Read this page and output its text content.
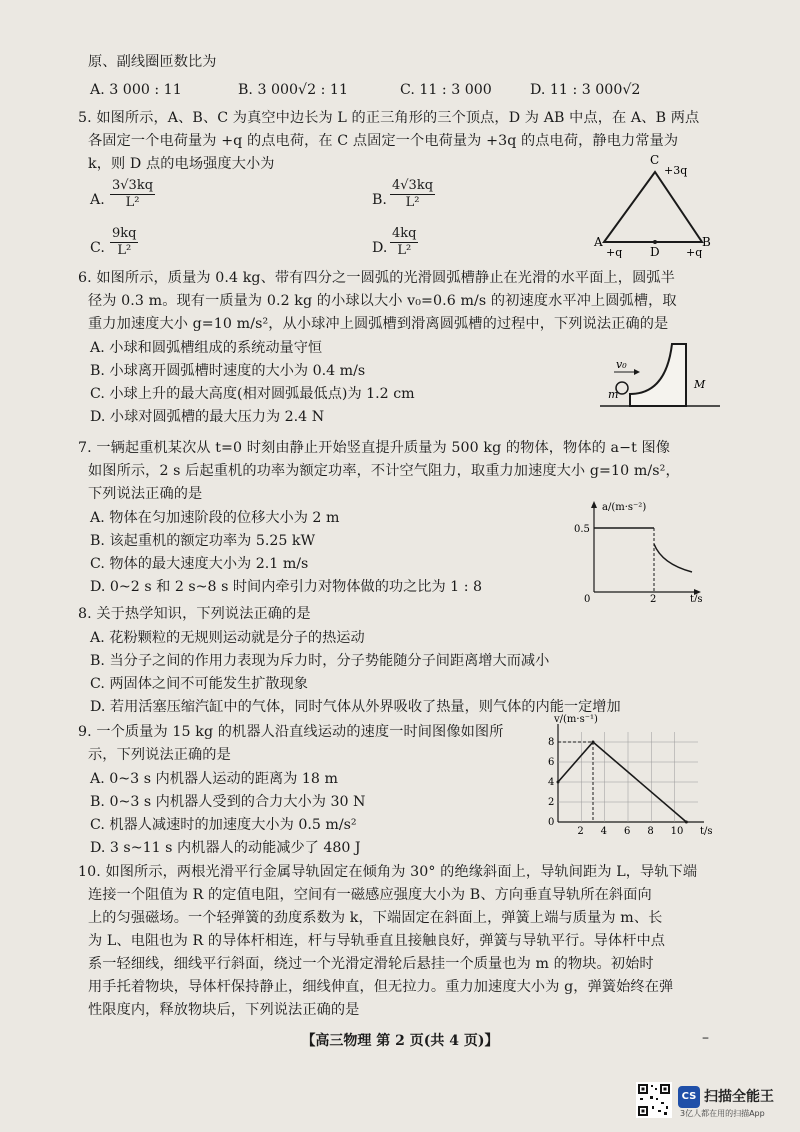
原、副线圈匝数比为
A. 3 000 : 11	B. 3 000√2 : 11	C. 11 : 3 000	D. 11 : 3 000√2
5. 如图所示，A、B、C 为真空中边长为 L 的正三角形的三个顶点，D 为 AB 中点，在 A、B 两点
各固定一个电荷量为 +q 的点电荷，在 C 点固定一个电荷量为 +3q 的点电荷，静电力常量为
k，则 D 点的电场强度大小为
A. $\frac{3√3kq}{\text{L²}}$	B. $\frac{4√3kq}{\text{L²}}$
C. $\frac{9kq}{\text{L²}}$	D. $\frac{4kq}{\text{L²}}$
C
+3q
A
+q D
B
+q
6. 如图所示，质量为 0.4 kg、带有四分之一圆弧的光滑圆弧槽静止在光滑的水平面上，圆弧半
径为 0.3 m。现有一质量为 0.2 kg 的小球以大小 v₀=0.6 m/s 的初速度水平冲上圆弧槽，取
重力加速度大小 g=10 m/s²，从小球冲上圆弧槽到滑离圆弧槽的过程中，下列说法正确的是
A. 小球和圆弧槽组成的系统动量守恒
B. 小球离开圆弧槽时速度的大小为 0.4 m/s
C. 小球上升的最大高度(相对圆弧最低点)为 1.2 cm
D. 小球对圆弧槽的最大压力为 2.4 N
v₀
m
M
7. 一辆起重机某次从 t=0 时刻由静止开始竖直提升质量为 500 kg 的物体，物体的 a−t 图像
如图所示，2 s 后起重机的功率为额定功率，不计空气阻力，取重力加速度大小 g=10 m/s²，
下列说法正确的是
A. 物体在匀加速阶段的位移大小为 2 m
B. 该起重机的额定功率为 5.25 kW
C. 物体的最大速度大小为 2.1 m/s
D. 0~2 s 和 2 s~8 s 时间内牵引力对物体做的功之比为 1 : 8
a/(m·s⁻²)
0.5
2
0	t/s
8. 关于热学知识，下列说法正确的是
A. 花粉颗粒的无规则运动就是分子的热运动
B. 当分子之间的作用力表现为斥力时，分子势能随分子间距离增大而减小
C. 两固体之间不可能发生扩散现象
D. 若用活塞压缩汽缸中的气体，同时气体从外界吸收了热量，则气体的内能一定增加
9. 一个质量为 15 kg 的机器人沿直线运动的速度一时间图像如图所
示，下列说法正确的是
A. 0~3 s 内机器人运动的距离为 18 m
B. 0~3 s 内机器人受到的合力大小为 30 N
C. 机器人减速时的加速度大小为 0.5 m/s²
D. 3 s~11 s 内机器人的动能减少了 480 J
0
2
4
6
8
2 4 6 8 10
v/(m·s⁻¹)
t/s
10. 如图所示，两根光滑平行金属导轨固定在倾角为 30° 的绝缘斜面上，导轨间距为 L，导轨下端
连接一个阻值为 R 的定值电阻，空间有一磁感应强度大小为 B、方向垂直导轨所在斜面向
上的匀强磁场。一个轻弹簧的劲度系数为 k，下端固定在斜面上，弹簧上端与质量为 m、长
为 L、电阻也为 R 的导体杆相连，杆与导轨垂直且接触良好，弹簧与导轨平行。导体杆中点
系一轻细线，细线平行斜面，绕过一个光滑定滑轮后悬挂一个质量也为 m 的物块。初始时
用手托着物块，导体杆保持静止，细线伸直，但无拉力。重力加速度大小为 g，弹簧始终在弹
性限度内，释放物块后，下列说法正确的是
【高三物理 第 2 页(共 4 页)】	–
CS 扫描全能王
3亿人都在用的扫描App
